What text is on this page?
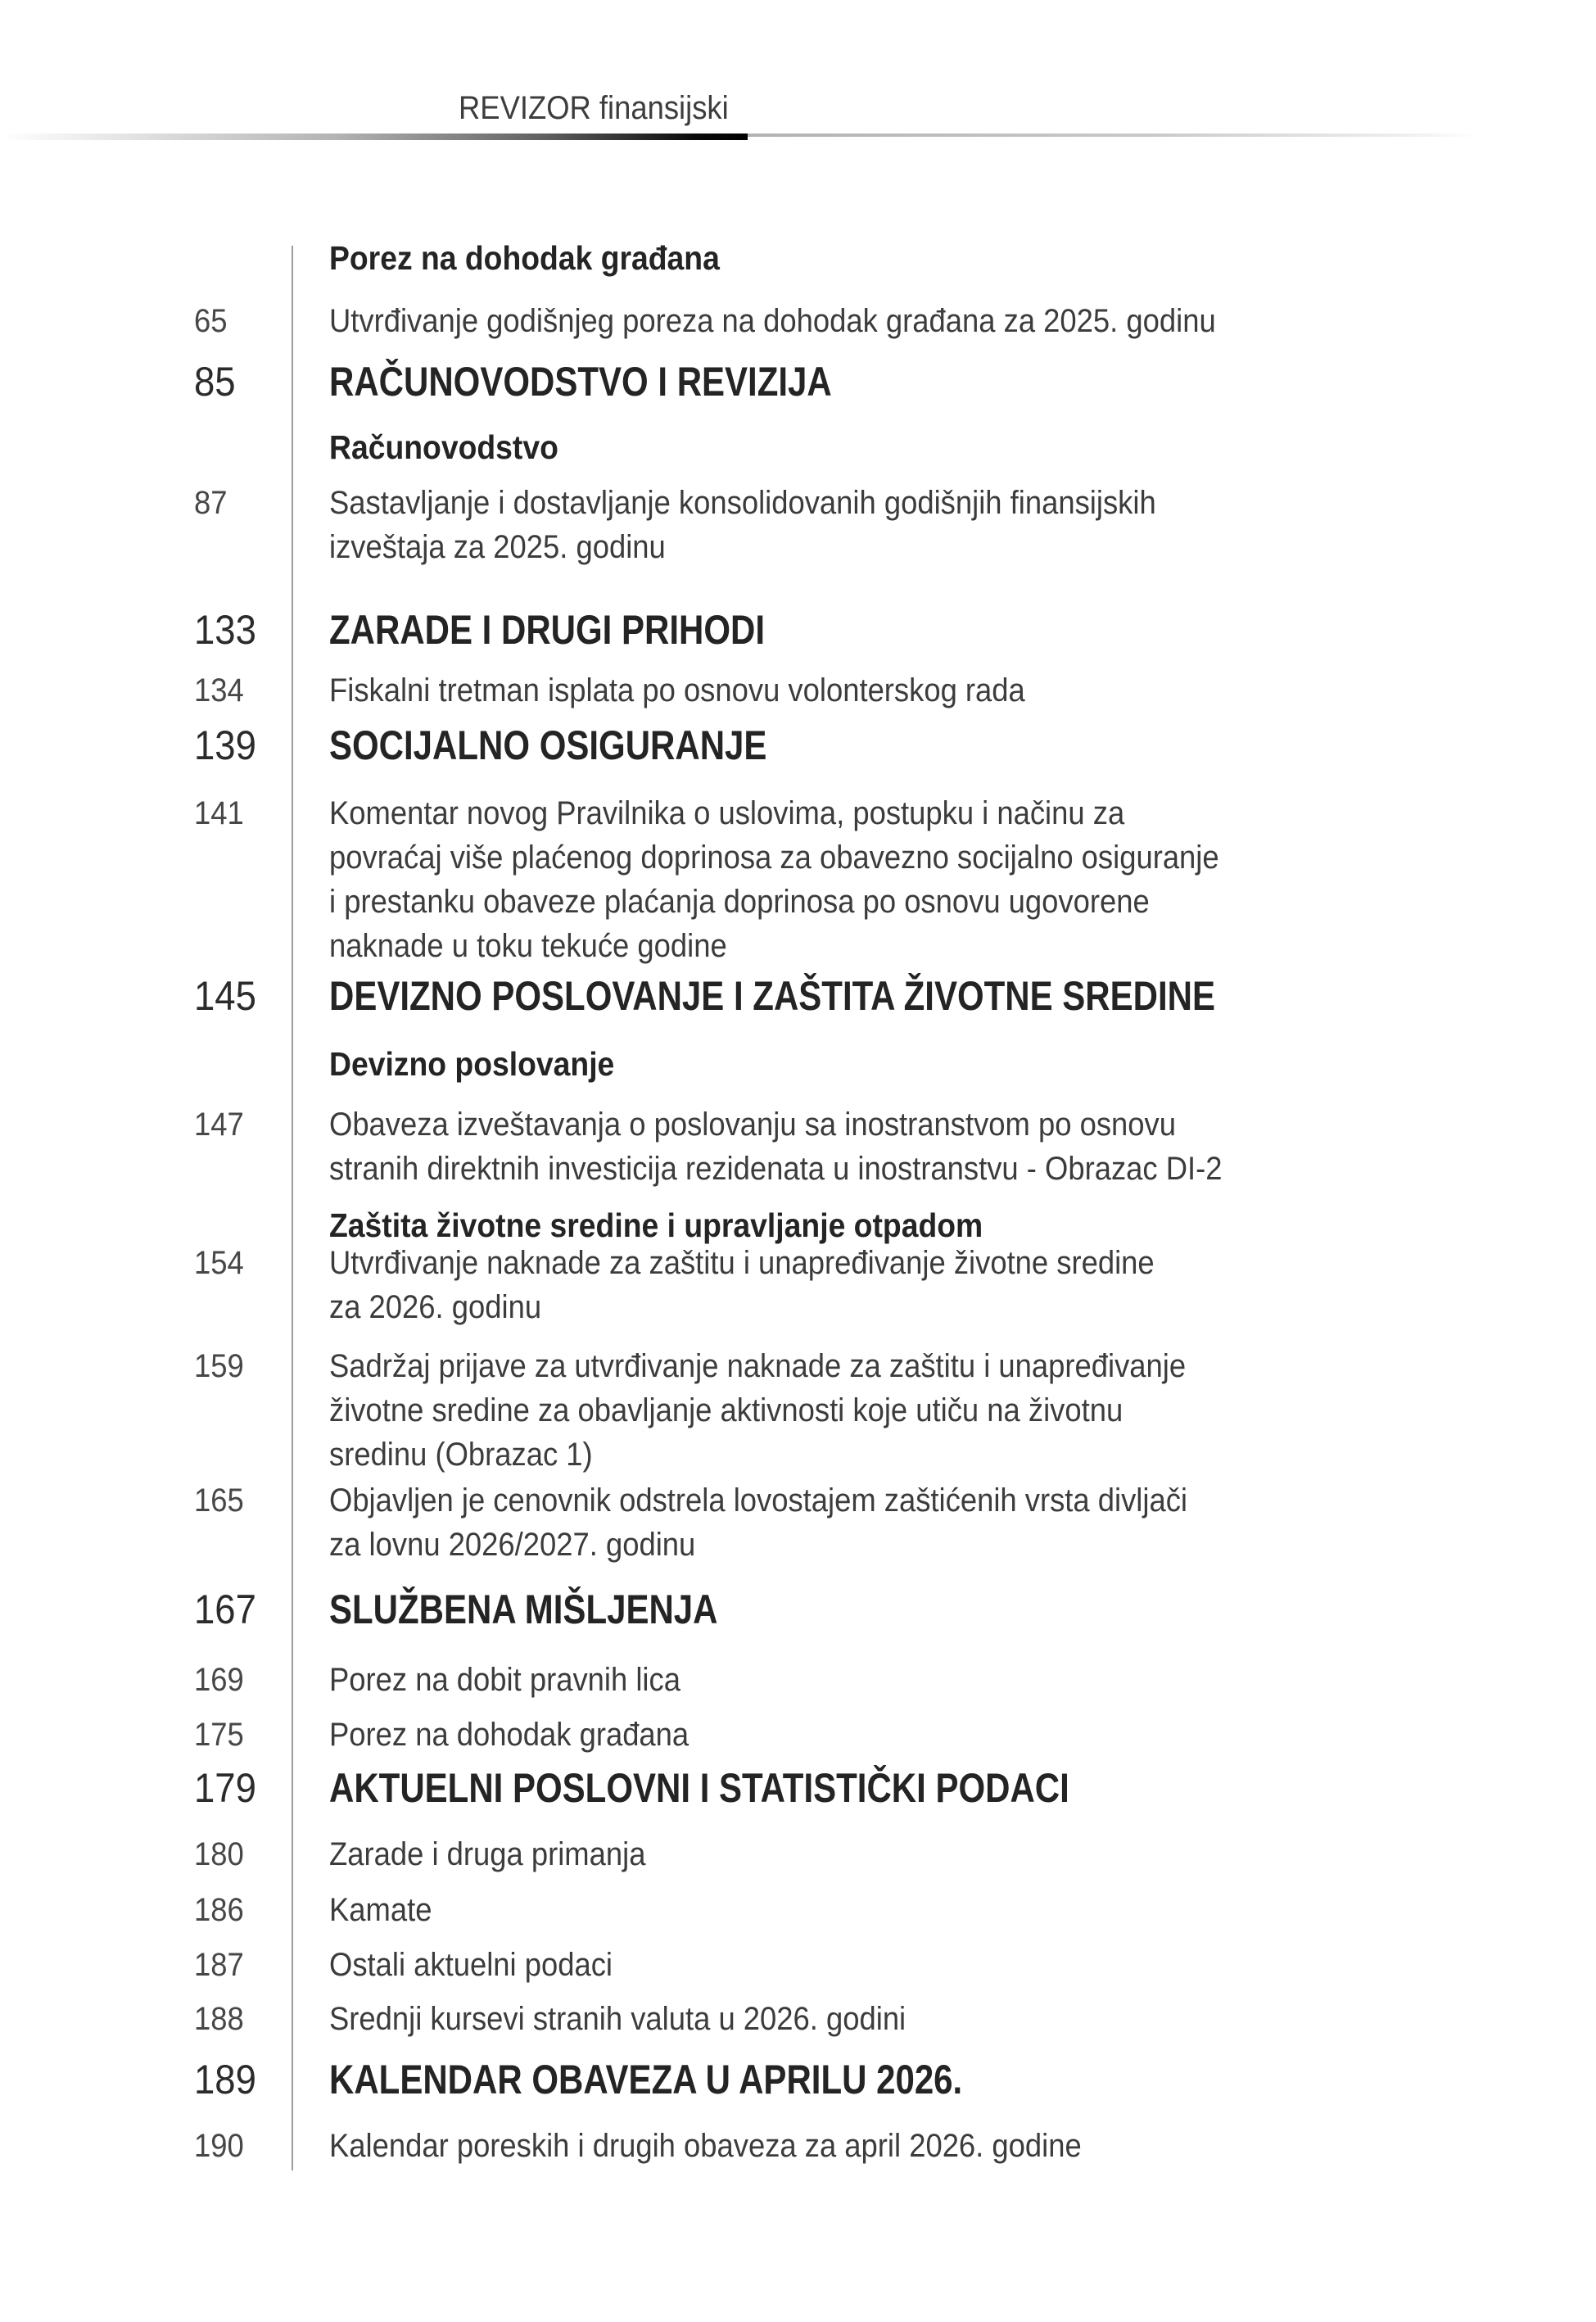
REVIZOR finansijski
Porez na dohodak građana
65	Utvrđivanje godišnjeg poreza na dohodak građana za 2025. godinu
85 RAČUNOVODSTVO I REVIZIJA
Računovodstvo
87	Sastavljanje i dostavljanje konsolidovanih godišnjih finansijskih
izveštaja za 2025. godinu
133 ZARADE I DRUGI PRIHODI
134	Fiskalni tretman isplata po osnovu volonterskog rada
139 SOCIJALNO OSIGURANJE
141	Komentar novog Pravilnika o uslovima, postupku i načinu za
povraćaj više plaćenog doprinosa za obavezno socijalno osiguranje
i prestanku obaveze plaćanja doprinosa po osnovu ugovorene
naknade u toku tekuće godine
145 DEVIZNO POSLOVANJE I ZAŠTITA ŽIVOTNE SREDINE
Devizno poslovanje
147	Obaveza izveštavanja o poslovanju sa inostranstvom po osnovu
stranih direktnih investicija rezidenata u inostranstvu - Obrazac DI-2
Zaštita životne sredine i upravljanje otpadom
154	Utvrđivanje naknade za zaštitu i unapređivanje životne sredine
za 2026. godinu
159	Sadržaj prijave za utvrđivanje naknade za zaštitu i unapređivanje
životne sredine za obavljanje aktivnosti koje utiču na životnu
sredinu (Obrazac 1)
165	Objavljen je cenovnik odstrela lovostajem zaštićenih vrsta divljači
za lovnu 2026/2027. godinu
167 SLUŽBENA MIŠLJENJA
169	Porez na dobit pravnih lica
175	Porez na dohodak građana
179 AKTUELNI POSLOVNI I STATISTIČKI PODACI
180	Zarade i druga primanja
186	Kamate
187	Ostali aktuelni podaci
188	Srednji kursevi stranih valuta u 2026. godini
189 KALENDAR OBAVEZA U APRILU 2026.
190	Kalendar poreskih i drugih obaveza za april 2026. godine
